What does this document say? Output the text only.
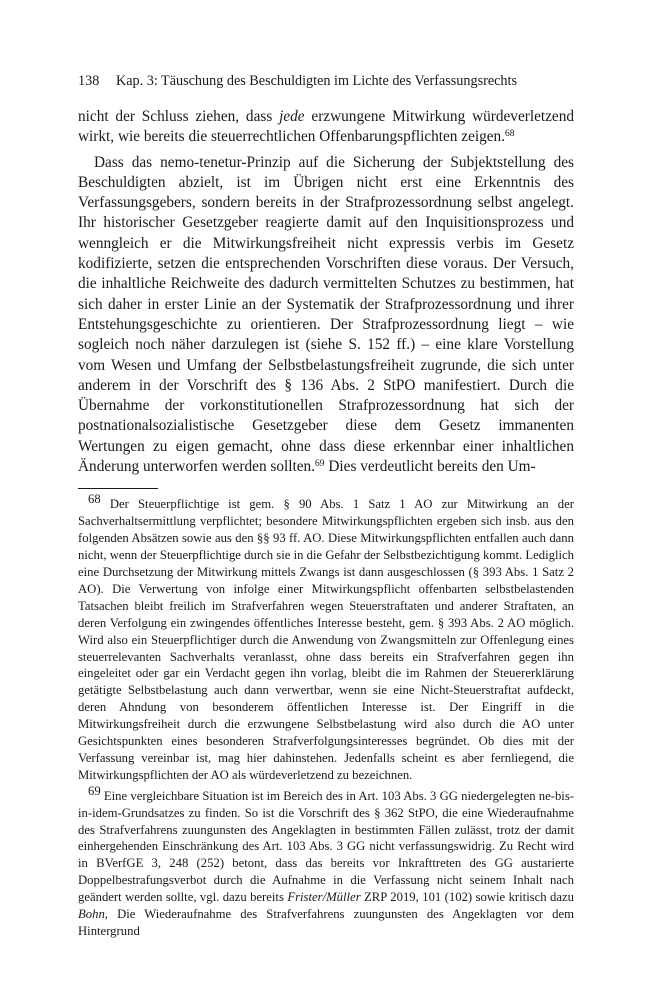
138 Kap. 3: Täuschung des Beschuldigten im Lichte des Verfassungsrechts

nicht der Schluss ziehen, dass jede erzwungene Mitwirkung würdeverletzend wirkt, wie bereits die steuerrechtlichen Offenbarungspflichten zeigen.$^{68}$

Dass das nemo-tenetur-Prinzip auf die Sicherung der Subjektstellung des Beschuldigten abzielt, ist im Übrigen nicht erst eine Erkenntnis des Verfassungsgebers, sondern bereits in der Strafprozessordnung selbst angelegt. Ihr historischer Gesetzgeber reagierte damit auf den Inquisitionsprozess und wenngleich er die Mitwirkungsfreiheit nicht expressis verbis im Gesetz kodifizierte, setzen die entsprechenden Vorschriften diese voraus. Der Versuch, die inhaltliche Reichweite des dadurch vermittelten Schutzes zu bestimmen, hat sich daher in erster Linie an der Systematik der Strafprozessordnung und ihrer Entstehungsgeschichte zu orientieren. Der Strafprozessordnung liegt – wie sogleich noch näher darzulegen ist (siehe S. 152 ff.) – eine klare Vorstellung vom Wesen und Umfang der Selbstbelastungsfreiheit zugrunde, die sich unter anderem in der Vorschrift des § 136 Abs. 2 StPO manifestiert. Durch die Übernahme der vorkonstitutionellen Strafprozessordnung hat sich der postnationalsozialistische Gesetzgeber diese dem Gesetz immanenten Wertungen zu eigen gemacht, ohne dass diese erkennbar einer inhaltlichen Änderung unterworfen werden sollten.$^{69}$ Dies verdeutlicht bereits den Um-

$^{68}$ Der Steuerpflichtige ist gem. § 90 Abs. 1 Satz 1 AO zur Mitwirkung an der Sachverhaltsermittlung verpflichtet; besondere Mitwirkungspflichten ergeben sich insb. aus den folgenden Absätzen sowie aus den §§ 93 ff. AO. Diese Mitwirkungspflichten entfallen auch dann nicht, wenn der Steuerpflichtige durch sie in die Gefahr der Selbstbezichtigung kommt. Lediglich eine Durchsetzung der Mitwirkung mittels Zwangs ist dann ausgeschlossen (§ 393 Abs. 1 Satz 2 AO). Die Verwertung von infolge einer Mitwirkungspflicht offenbarten selbstbelastenden Tatsachen bleibt freilich im Strafverfahren wegen Steuerstraftaten und anderer Straftaten, an deren Verfolgung ein zwingendes öffentliches Interesse besteht, gem. § 393 Abs. 2 AO möglich. Wird also ein Steuerpflichtiger durch die Anwendung von Zwangsmitteln zur Offenlegung eines steuerrelevanten Sachverhalts veranlasst, ohne dass bereits ein Strafverfahren gegen ihn eingeleitet oder gar ein Verdacht gegen ihn vorlag, bleibt die im Rahmen der Steuererklärung getätigte Selbstbelastung auch dann verwertbar, wenn sie eine Nicht-Steuerstraftat aufdeckt, deren Ahndung von besonderem öffentlichen Interesse ist. Der Eingriff in die Mitwirkungsfreiheit durch die erzwungene Selbstbelastung wird also durch die AO unter Gesichtspunkten eines besonderen Strafverfolgungsinteresses begründet. Ob dies mit der Verfassung vereinbar ist, mag hier dahinstehen. Jedenfalls scheint es aber fernliegend, die Mitwirkungspflichten der AO als würdeverletzend zu bezeichnen.

$^{69}$ Eine vergleichbare Situation ist im Bereich des in Art. 103 Abs. 3 GG niedergelegten ne-bis-in-idem-Grundsatzes zu finden. So ist die Vorschrift des § 362 StPO, die eine Wiederaufnahme des Strafverfahrens zuungunsten des Angeklagten in bestimmten Fällen zulässt, trotz der damit einhergehenden Einschränkung des Art. 103 Abs. 3 GG nicht verfassungswidrig. Zu Recht wird in BVerfGE 3, 248 (252) betont, dass das bereits vor Inkrafttreten des GG austarierte Doppelbestrafungsverbot durch die Aufnahme in die Verfassung nicht seinem Inhalt nach geändert werden sollte, vgl. dazu bereits Frister/Müller ZRP 2019, 101 (102) sowie kritisch dazu Bohn, Die Wiederaufnahme des Strafverfahrens zuungunsten des Angeklagten vor dem Hintergrund
